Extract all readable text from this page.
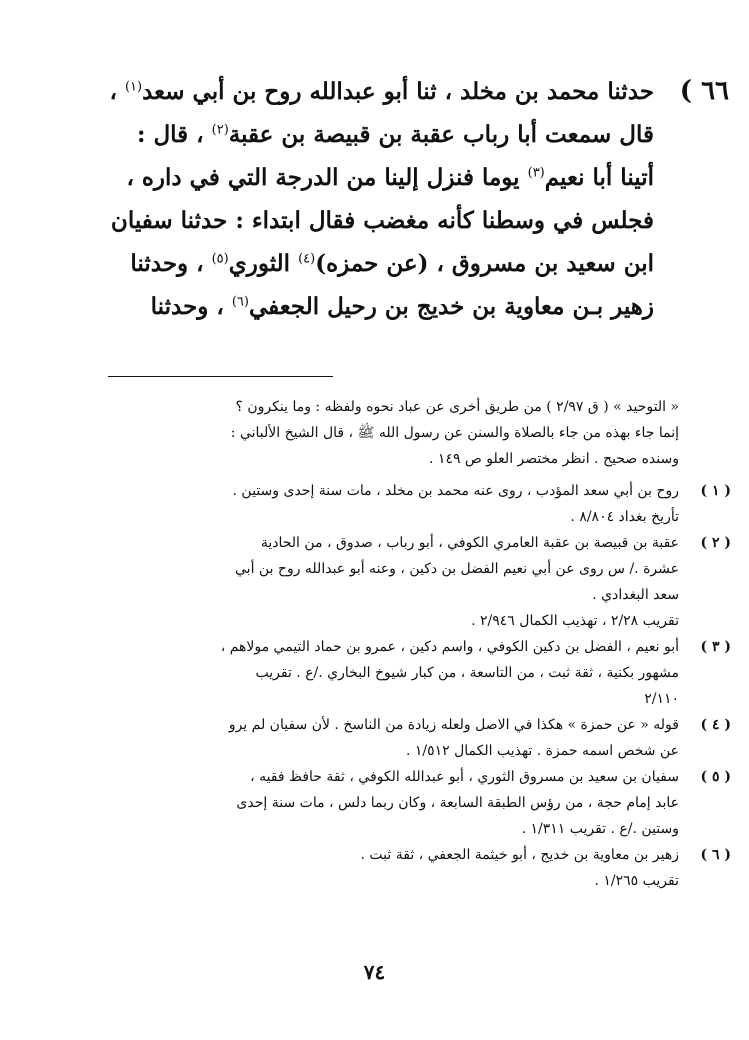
٦٦ )
حدثنا محمد بن مخلد ، ثنا أبو عبدالله روح بن أبي سعد$^{(١)}$ ،
قال سمعت أبا رباب عقبة بن قبيصة بن عقبة$^{(٢)}$ ، قال :
أتينا أبا نعيم$^{(٣)}$ يوما فنزل إلينا من الدرجة التي في داره ،
فجلس في وسطنا كأنه مغضب فقال ابتداء : حدثنا سفيان
ابن سعيد بن مسروق ، (عن حمزه)$^{(٤)}$ الثوري$^{(٥)}$ ، وحدثنا
زهير بـن معاوية بن خديج بن رحيل الجعفي$^{(٦)}$ ، وحدثنا
« التوحيد » ( ق ٢/٩٧ ) من طريق أخرى عن عباد نحوه ولفظه : وما ينكرون ؟
إنما جاء بهذه من جاء بالصلاة والسنن عن رسول الله ﷺ ، قال الشيخ الألباني :
وسنده صحيح . انظر مختصر العلو ص ١٤٩ .
( ١ )
روح بن أبي سعد المؤدب ، روى عنه محمد بن مخلد ، مات سنة إحدى وستين .
تأريخ بغداد ٨/٨٠٤ .
( ٢ )
عقبة بن قبيصة بن عقبة العامري الكوفي ، أبو رباب ، صدوق ، من الحادية
عشرة ./ س روى عن أبي نعيم الفضل بن دكين ، وعنه أبو عبدالله روح بن أبي
سعد البغدادي .
تقريب ٢/٢٨ ، تهذيب الكمال ٢/٩٤٦ .
( ٣ )
أبو نعيم ، الفضل بن دكين الكوفي ، واسم دكين ، عمرو بن حماد التيمي مولاهم ،
مشهور بكنية ، ثقة ثبت ، من التاسعة ، من كبار شيوخ البخاري ./ع . تقريب
٢/١١٠
( ٤ )
قوله « عن حمزة » هكذا في الاصل ولعله زيادة من الناسخ . لأن سفيان لم يرو
عن شخص اسمه حمزة . تهذيب الكمال ١/٥١٢ .
( ٥ )
سفيان بن سعيد بن مسروق الثوري ، أبو عبدالله الكوفي ، ثقة حافظ فقيه ،
عابد إمام حجة ، من رؤس الطبقة السابعة ، وكان ربما دلس ، مات سنة إحدى
وستين ./ع . تقريب ١/٣١١ .
( ٦ )
زهير بن معاوية بن خديج ، أبو خيثمة الجعفي ، ثقة ثبت .
تقريب ١/٢٦٥ .
٧٤
